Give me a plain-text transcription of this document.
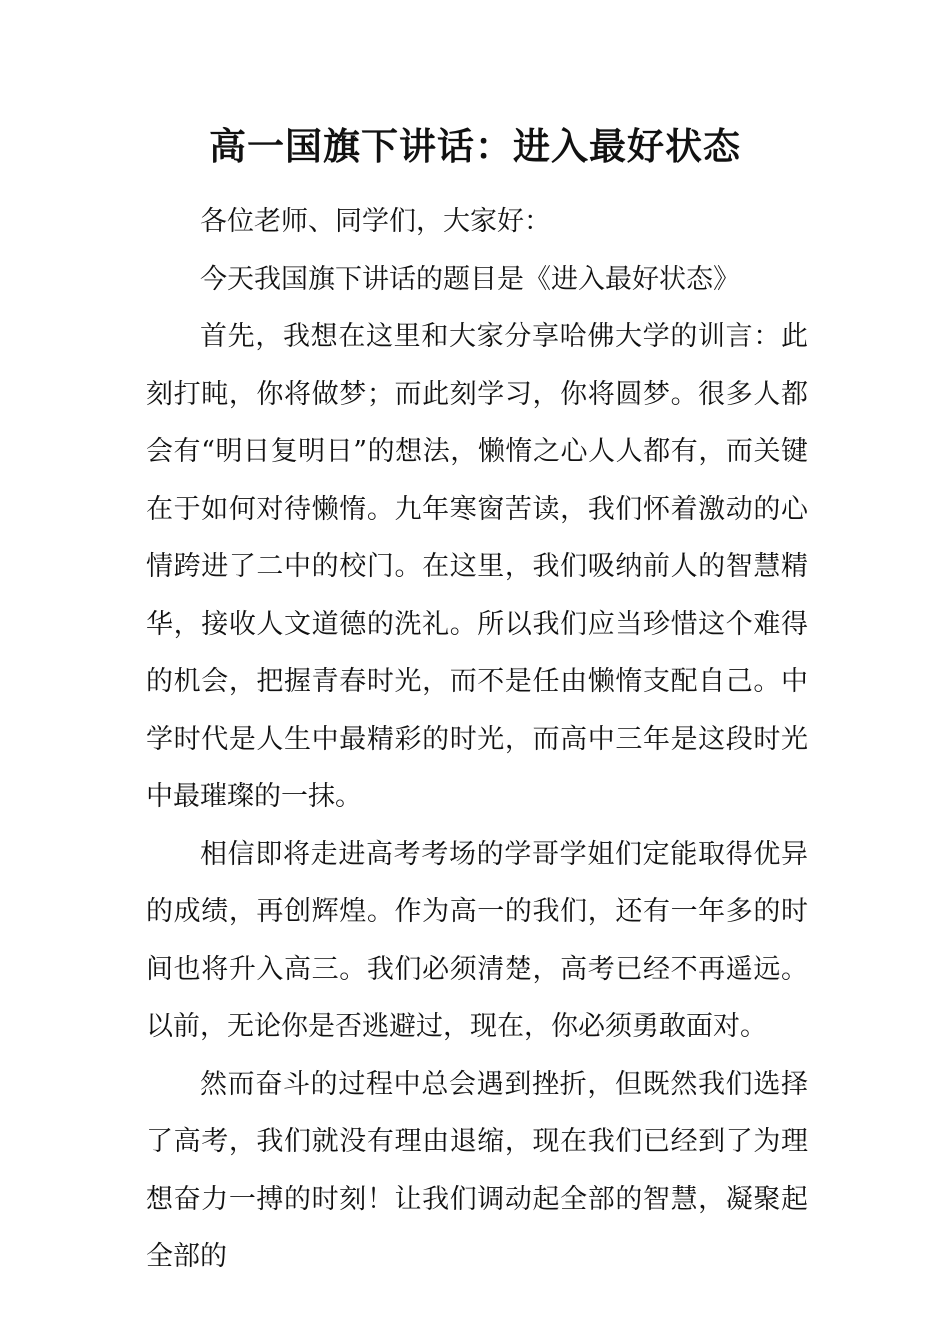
高一国旗下讲话：进入最好状态

各位老师、同学们，大家好：

今天我国旗下讲话的题目是《进入最好状态》

首先，我想在这里和大家分享哈佛大学的训言：此刻打盹，你将做梦；而此刻学习，你将圆梦。很多人都会有“明日复明日”的想法，懒惰之心人人都有，而关键在于如何对待懒惰。九年寒窗苦读，我们怀着激动的心情跨进了二中的校门。在这里，我们吸纳前人的智慧精华，接收人文道德的洗礼。所以我们应当珍惜这个难得的机会，把握青春时光，而不是任由懒惰支配自己。中学时代是人生中最精彩的时光，而高中三年是这段时光中最璀璨的一抹。

相信即将走进高考考场的学哥学姐们定能取得优异的成绩，再创辉煌。作为高一的我们，还有一年多的时间也将升入高三。我们必须清楚，高考已经不再遥远。以前，无论你是否逃避过，现在，你必须勇敢面对。

然而奋斗的过程中总会遇到挫折，但既然我们选择了高考，我们就没有理由退缩，现在我们已经到了为理想奋力一搏的时刻！让我们调动起全部的智慧，凝聚起全部的
